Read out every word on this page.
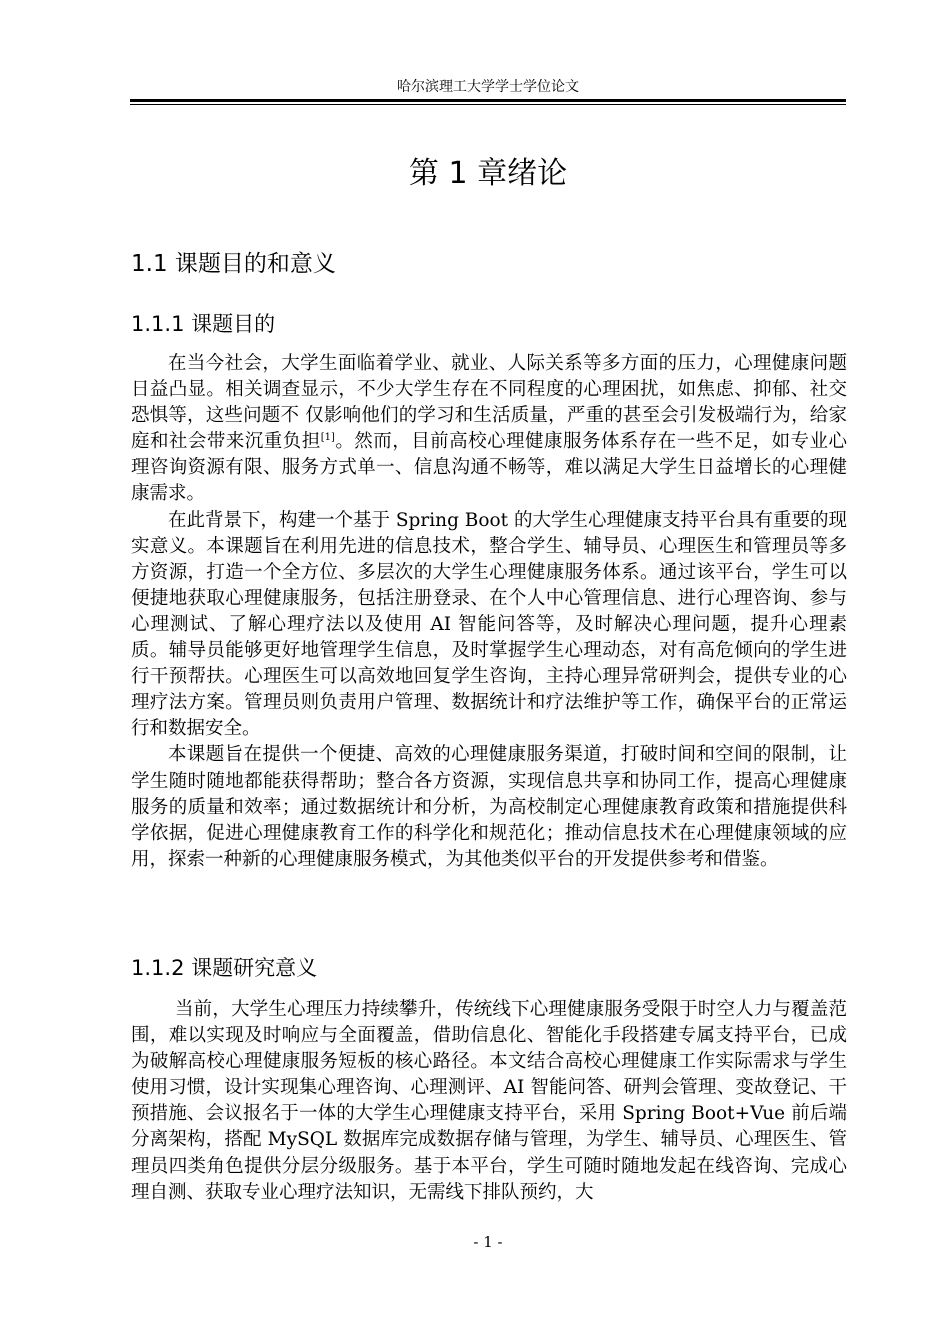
哈尔滨理工大学学士学位论文
第 1 章绪论
1.1 课题目的和意义
1.1.1 课题目的

在当今社会，大学生面临着学业、就业、人际关系等多方面的压力，心理健康问题日益凸显。相关调查显示，不少大学生存在不同程度的心理困扰，如焦虑、抑郁、社交恐惧等，这些问题不 仅影响他们的学习和生活质量，严重的甚至会引发极端行为，给家庭和社会带来沉重负担[1]。然而，目前高校心理健康服务体系存在一些不足，如专业心理咨询资源有限、服务方式单一、信息沟通不畅等，难以满足大学生日益增长的心理健康需求。

在此背景下，构建一个基于 Spring Boot 的大学生心理健康支持平台具有重要的现实意义。本课题旨在利用先进的信息技术，整合学生、辅导员、心理医生和管理员等多方资源，打造一个全方位、多层次的大学生心理健康服务体系。通过该平台，学生可以便捷地获取心理健康服务，包括注册登录、在个人中心管理信息、进行心理咨询、参与心理测试、了解心理疗法以及使用 AI 智能问答等，及时解决心理问题，提升心理素质。辅导员能够更好地管理学生信息，及时掌握学生心理动态，对有高危倾向的学生进行干预帮扶。心理医生可以高效地回复学生咨询，主持心理异常研判会，提供专业的心理疗法方案。管理员则负责用户管理、数据统计和疗法维护等工作，确保平台的正常运行和数据安全。

本课题旨在提供一个便捷、高效的心理健康服务渠道，打破时间和空间的限制，让学生随时随地都能获得帮助；整合各方资源，实现信息共享和协同工作，提高心理健康服务的质量和效率；通过数据统计和分析，为高校制定心理健康教育政策和措施提供科学依据，促进心理健康教育工作的科学化和规范化；推动信息技术在心理健康领域的应用，探索一种新的心理健康服务模式，为其他类似平台的开发提供参考和借鉴。

1.1.2 课题研究意义

当前，大学生心理压力持续攀升，传统线下心理健康服务受限于时空人力与覆盖范围，难以实现及时响应与全面覆盖，借助信息化、智能化手段搭建专属支持平台，已成为破解高校心理健康服务短板的核心路径。本文结合高校心理健康工作实际需求与学生使用习惯，设计实现集心理咨询、心理测评、AI 智能问答、研判会管理、变故登记、干预措施、会议报名于一体的大学生心理健康支持平台，采用 Spring Boot+Vue 前后端分离架构，搭配 MySQL 数据库完成数据存储与管理，为学生、辅导员、心理医生、管理员四类角色提供分层分级服务。基于本平台，学生可随时随地发起在线咨询、完成心理自测、获取专业心理疗法知识，无需线下排队预约，大

- 1 -
